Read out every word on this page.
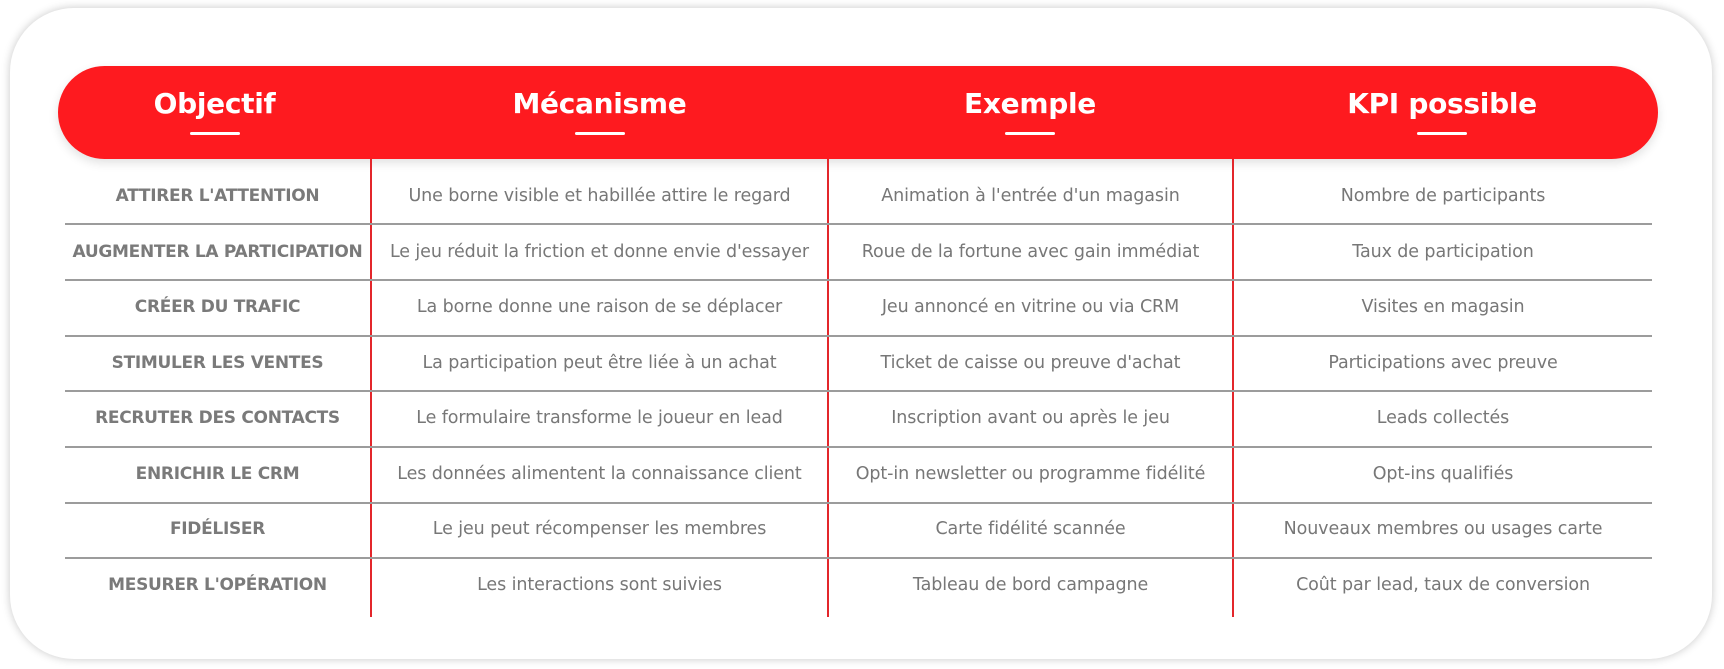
Objectif	Mécanisme	Exemple	KPI possible
ATTIRER L'ATTENTION	Une borne visible et habillée attire le regard	Animation à l'entrée d'un magasin	Nombre de participants
AUGMENTER LA PARTICIPATION	Le jeu réduit la friction et donne envie d'essayer	Roue de la fortune avec gain immédiat	Taux de participation
CRÉER DU TRAFIC	La borne donne une raison de se déplacer	Jeu annoncé en vitrine ou via CRM	Visites en magasin
STIMULER LES VENTES	La participation peut être liée à un achat	Ticket de caisse ou preuve d'achat	Participations avec preuve
RECRUTER DES CONTACTS	Le formulaire transforme le joueur en lead	Inscription avant ou après le jeu	Leads collectés
ENRICHIR LE CRM	Les données alimentent la connaissance client	Opt-in newsletter ou programme fidélité	Opt-ins qualifiés
FIDÉLISER	Le jeu peut récompenser les membres	Carte fidélité scannée	Nouveaux membres ou usages carte
MESURER L'OPÉRATION	Les interactions sont suivies	Tableau de bord campagne	Coût par lead, taux de conversion
